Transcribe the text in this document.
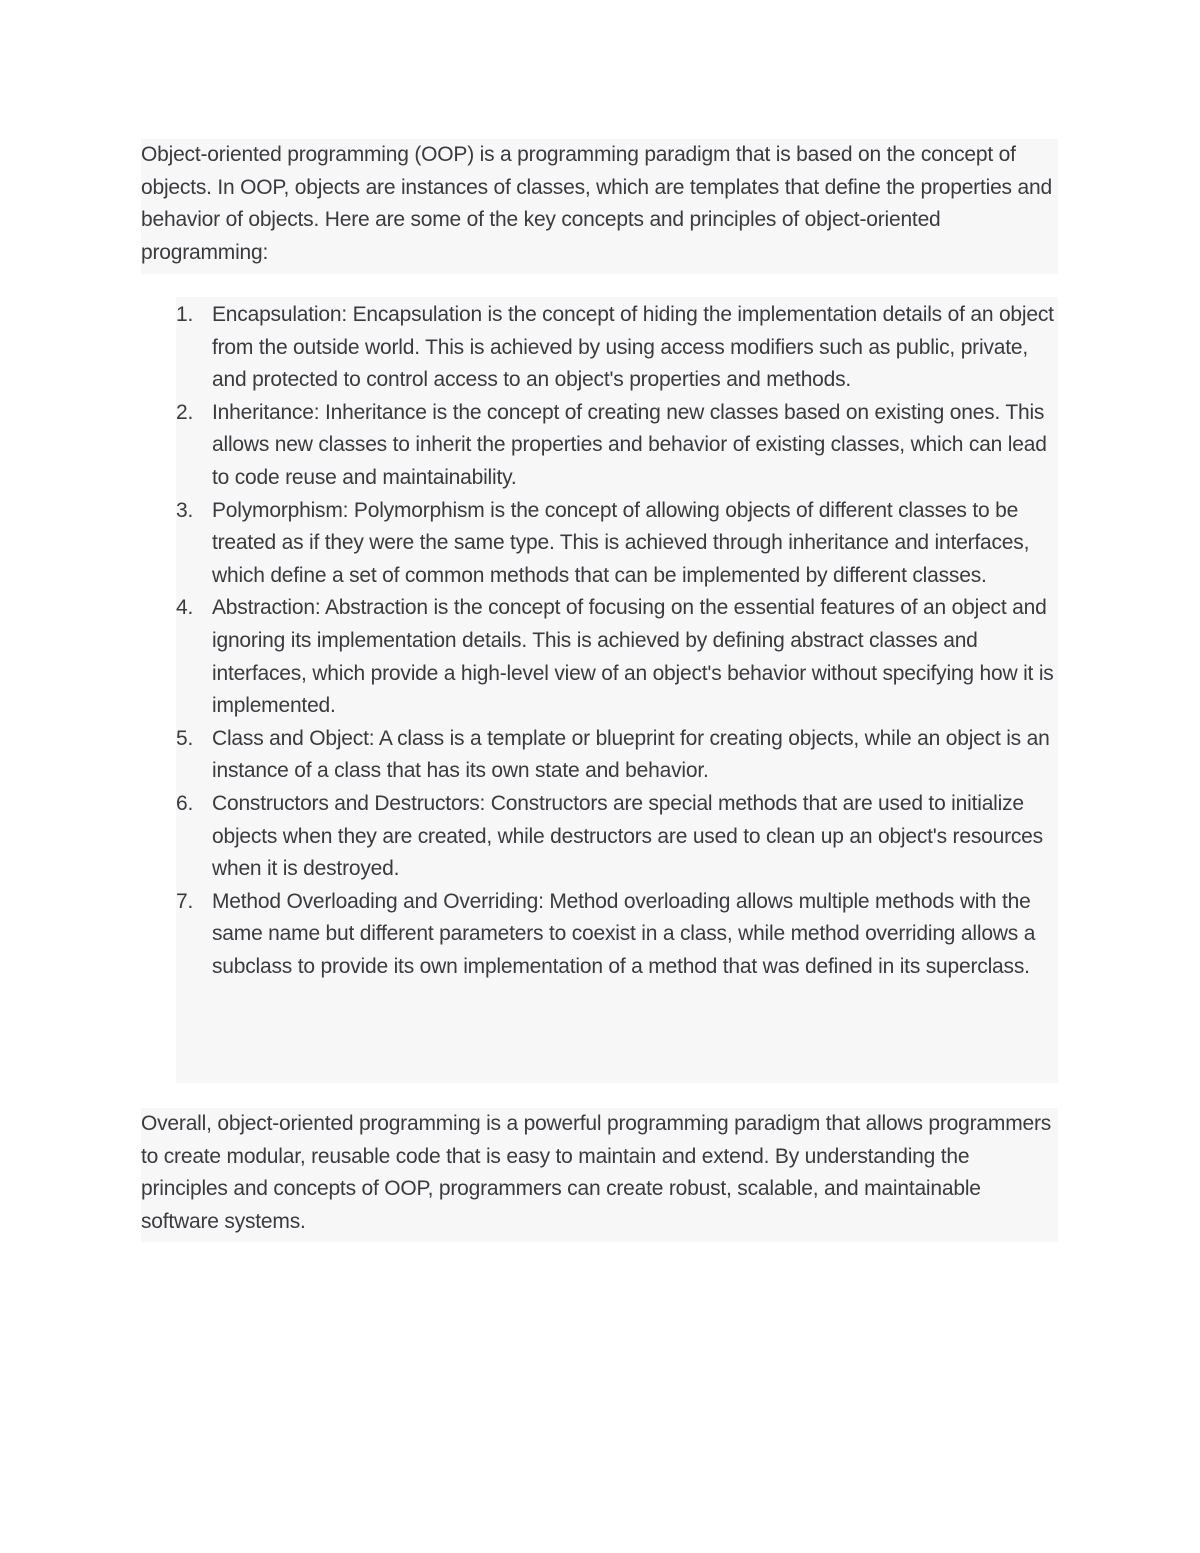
Object-oriented programming (OOP) is a programming paradigm that is based on the concept of objects. In OOP, objects are instances of classes, which are templates that define the properties and behavior of objects. Here are some of the key concepts and principles of object-oriented programming:

1. Encapsulation: Encapsulation is the concept of hiding the implementation details of an object from the outside world. This is achieved by using access modifiers such as public, private, and protected to control access to an object's properties and methods.
2. Inheritance: Inheritance is the concept of creating new classes based on existing ones. This allows new classes to inherit the properties and behavior of existing classes, which can lead to code reuse and maintainability.
3. Polymorphism: Polymorphism is the concept of allowing objects of different classes to be treated as if they were the same type. This is achieved through inheritance and interfaces, which define a set of common methods that can be implemented by different classes.
4. Abstraction: Abstraction is the concept of focusing on the essential features of an object and ignoring its implementation details. This is achieved by defining abstract classes and interfaces, which provide a high-level view of an object's behavior without specifying how it is implemented.
5. Class and Object: A class is a template or blueprint for creating objects, while an object is an instance of a class that has its own state and behavior.
6. Constructors and Destructors: Constructors are special methods that are used to initialize objects when they are created, while destructors are used to clean up an object's resources when it is destroyed.
7. Method Overloading and Overriding: Method overloading allows multiple methods with the same name but different parameters to coexist in a class, while method overriding allows a subclass to provide its own implementation of a method that was defined in its superclass.

Overall, object-oriented programming is a powerful programming paradigm that allows programmers to create modular, reusable code that is easy to maintain and extend. By understanding the principles and concepts of OOP, programmers can create robust, scalable, and maintainable software systems.
